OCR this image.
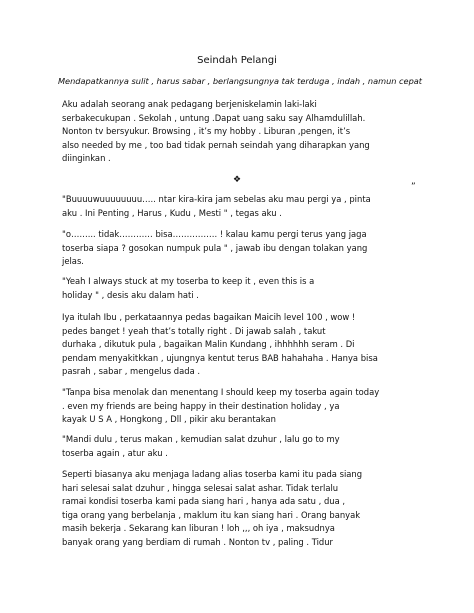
Seindah Pelangi
Mendapatkannya sulit , harus sabar , berlangsungnya tak terduga , indah , namun cepat
Aku adalah seorang anak pedagang berjeniskelamin laki-laki
serbakecukupan . Sekolah , untung .Dapat uang saku say Alhamdulillah.
Nonton tv bersyukur. Browsing , it’s my hobby . Liburan ,pengen, it’s
also needed by me , too bad tidak pernah seindah yang diharapkan yang
diinginkan .
❖
”
"Buuuuwuuuuuuuu….. ntar kira-kira jam sebelas aku mau pergi ya , pinta
aku . Ini Penting , Harus , Kudu , Mesti " , tegas aku .
"o……... tidak………… bisa……………. ! kalau kamu pergi terus yang jaga
toserba siapa ? gosokan numpuk pula " , jawab ibu dengan tolakan yang
jelas.
"Yeah I always stuck at my toserba to keep it , even this is a
holiday " , desis aku dalam hati .
Iya itulah Ibu , perkataannya pedas bagaikan Maicih level 100 , wow !
pedes banget ! yeah that’s totally right . Di jawab salah , takut
durhaka , dikutuk pula , bagaikan Malin Kundang , ihhhhhh seram . Di
pendam menyakitkkan , ujungnya kentut terus BAB hahahaha . Hanya bisa
pasrah , sabar , mengelus dada .
"Tanpa bisa menolak dan menentang I should keep my toserba again today
. even my friends are being happy in their destination holiday , ya
kayak U S A , Hongkong , Dll , pikir aku berantakan
"Mandi dulu , terus makan , kemudian salat dzuhur , lalu go to my
toserba again , atur aku .
Seperti biasanya aku menjaga ladang alias toserba kami itu pada siang
hari selesai salat dzuhur , hingga selesai salat ashar. Tidak terlalu
ramai kondisi toserba kami pada siang hari , hanya ada satu , dua ,
tiga orang yang berbelanja , maklum itu kan siang hari . Orang banyak
masih bekerja . Sekarang kan liburan ! loh ,,, oh iya , maksudnya
banyak orang yang berdiam di rumah . Nonton tv , paling . Tidur
